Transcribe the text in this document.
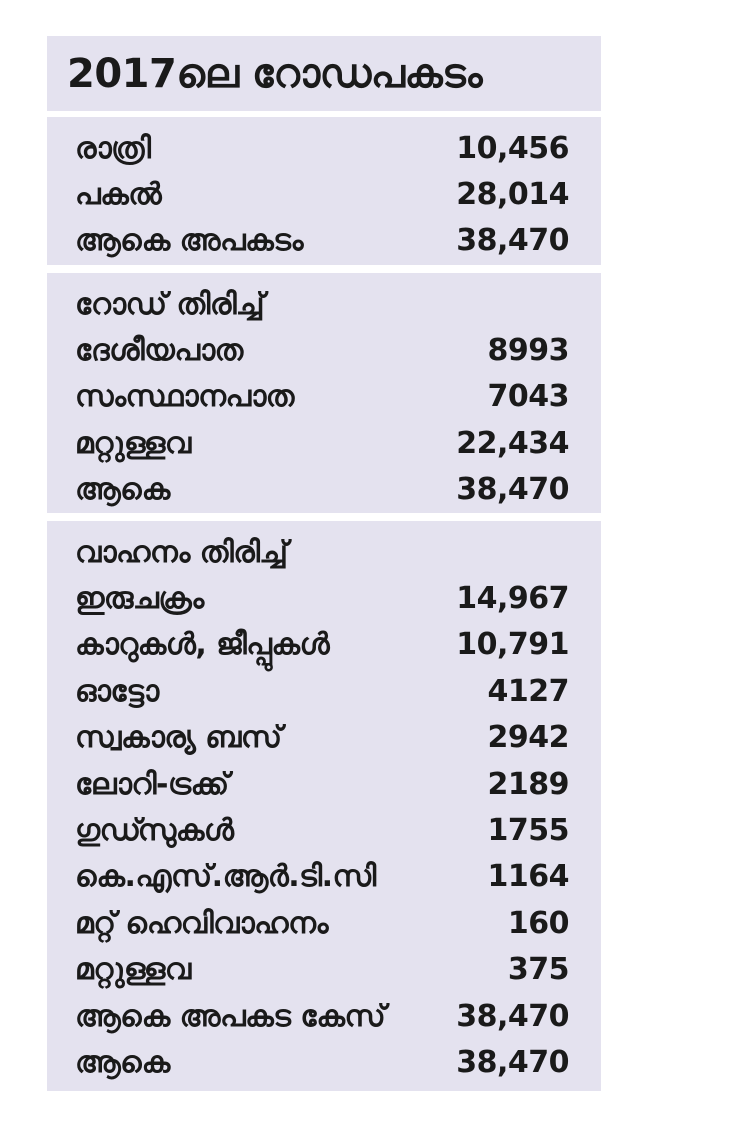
2017ലെ റോഡപകടം
രാത്രി	10,456
പകൽ	28,014
ആകെ അപകടം	38,470
റോഡ് തിരിച്ച്
ദേശീയപാത	8993
സംസ്ഥാനപാത	7043
മറ്റുള്ളവ	22,434
ആകെ	38,470
വാഹനം തിരിച്ച്
ഇരുചക്രം	14,967
കാറുകൾ, ജീപ്പുകൾ	10,791
ഓട്ടോ	4127
സ്വകാര്യ ബസ്	2942
ലോറി-ട്രക്ക്	2189
ഗുഡ്സുകൾ	1755
കെ.എസ്.ആർ.ടി.സി	1164
മറ്റ് ഹെവിവാഹനം	160
മറ്റുള്ളവ	375
ആകെ അപകട കേസ് 38,470
ആകെ	38,470
